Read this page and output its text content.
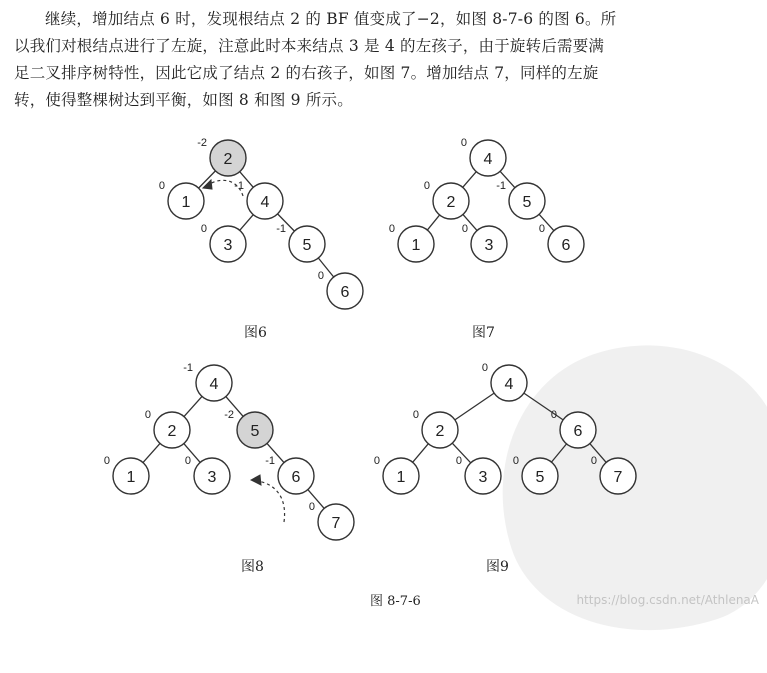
继续，增加结点 6 时，发现根结点 2 的 BF 值变成了−2，如图 8-7-6 的图 6。所
以我们对根结点进行了左旋，注意此时本来结点 3 是 4 的左孩子，由于旋转后需要满
足二叉排序树特性，因此它成了结点 2 的右孩子，如图 7。增加结点 7，同样的左旋
转，使得整棵树达到平衡，如图 8 和图 9 所示。
2
-2
1
0
4
-1
3
0
5
-1
6
0
4
0
2
0
5
-1
1
0
3
0
6
0
4
-1
2
0
5
-2
1
0
3
0
6
-1
7
0
4
0
2
0
6
0
1
0
3
0
5
0
7
0
图6	图7
图8	图9
图 8-7-6	https://blog.csdn.net/AthlenaA
